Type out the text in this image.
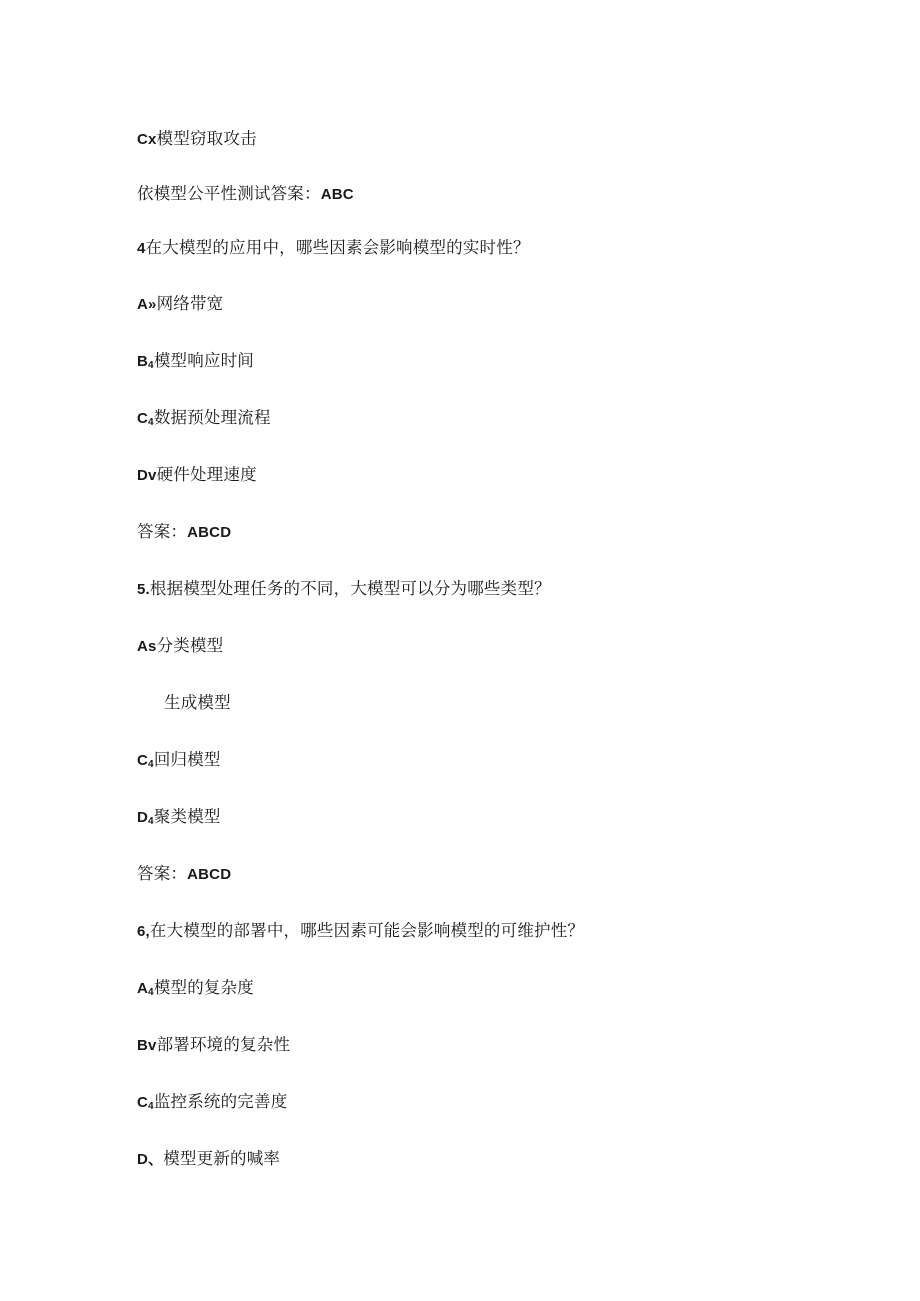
Cx模型窃取攻击
依模型公平性测试答案：ABC
4在大模型的应用中，哪些因素会影响模型的实时性？
A»网络带宽
$B_4$模型响应时间
$C_4$数据预处理流程
Dv硬件处理速度
答案：ABCD
5.根据模型处理任务的不同，大模型可以分为哪些类型？
As分类模型
生成模型
$C_4$回归模型
$D_4$聚类模型
答案：ABCD
6,在大模型的部署中，哪些因素可能会影响模型的可维护性？
$A_4$模型的复杂度
Bv部署环境的复杂性
$C_4$监控系统的完善度
D、模型更新的喊率
